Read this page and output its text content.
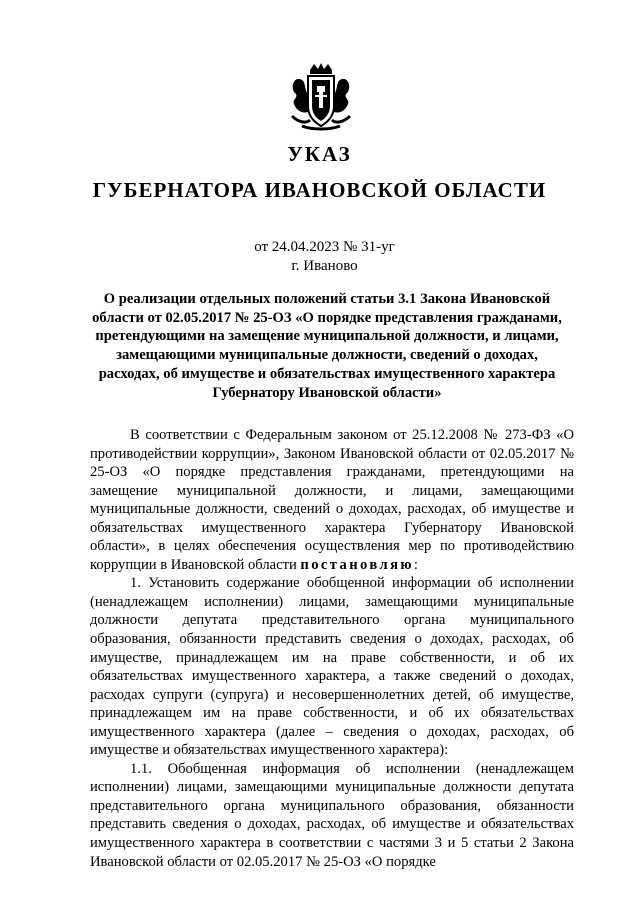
УКАЗ
ГУБЕРНАТОРА ИВАНОВСКОЙ ОБЛАСТИ
от 24.04.2023 № 31-уг
г. Иваново

О реализации отдельных положений статьи 3.1 Закона Ивановской области от 02.05.2017 № 25-ОЗ «О порядке представления гражданами, претендующими на замещение муниципальной должности, и лицами, замещающими муниципальные должности, сведений о доходах, расходах, об имуществе и обязательствах имущественного характера Губернатору Ивановской области»

В соответствии с Федеральным законом от 25.12.2008 № 273-ФЗ «О противодействии коррупции», Законом Ивановской области от 02.05.2017 № 25-ОЗ «О порядке представления гражданами, претендующими на замещение муниципальной должности, и лицами, замещающими муниципальные должности, сведений о доходах, расходах, об имуществе и обязательствах имущественного характера Губернатору Ивановской области», в целях обеспечения осуществления мер по противодействию коррупции в Ивановской области постановляю:

1. Установить содержание обобщенной информации об исполнении (ненадлежащем исполнении) лицами, замещающими муниципальные должности депутата представительного органа муниципального образования, обязанности представить сведения о доходах, расходах, об имуществе, принадлежащем им на праве собственности, и об их обязательствах имущественного характера, а также сведений о доходах, расходах супруги (супруга) и несовершеннолетних детей, об имуществе, принадлежащем им на праве собственности, и об их обязательствах имущественного характера (далее – сведения о доходах, расходах, об имуществе и обязательствах имущественного характера):

1.1. Обобщенная информация об исполнении (ненадлежащем исполнении) лицами, замещающими муниципальные должности депутата представительного органа муниципального образования, обязанности представить сведения о доходах, расходах, об имуществе и обязательствах имущественного характера в соответствии с частями 3 и 5 статьи 2 Закона Ивановской области от 02.05.2017 № 25-ОЗ «О порядке
